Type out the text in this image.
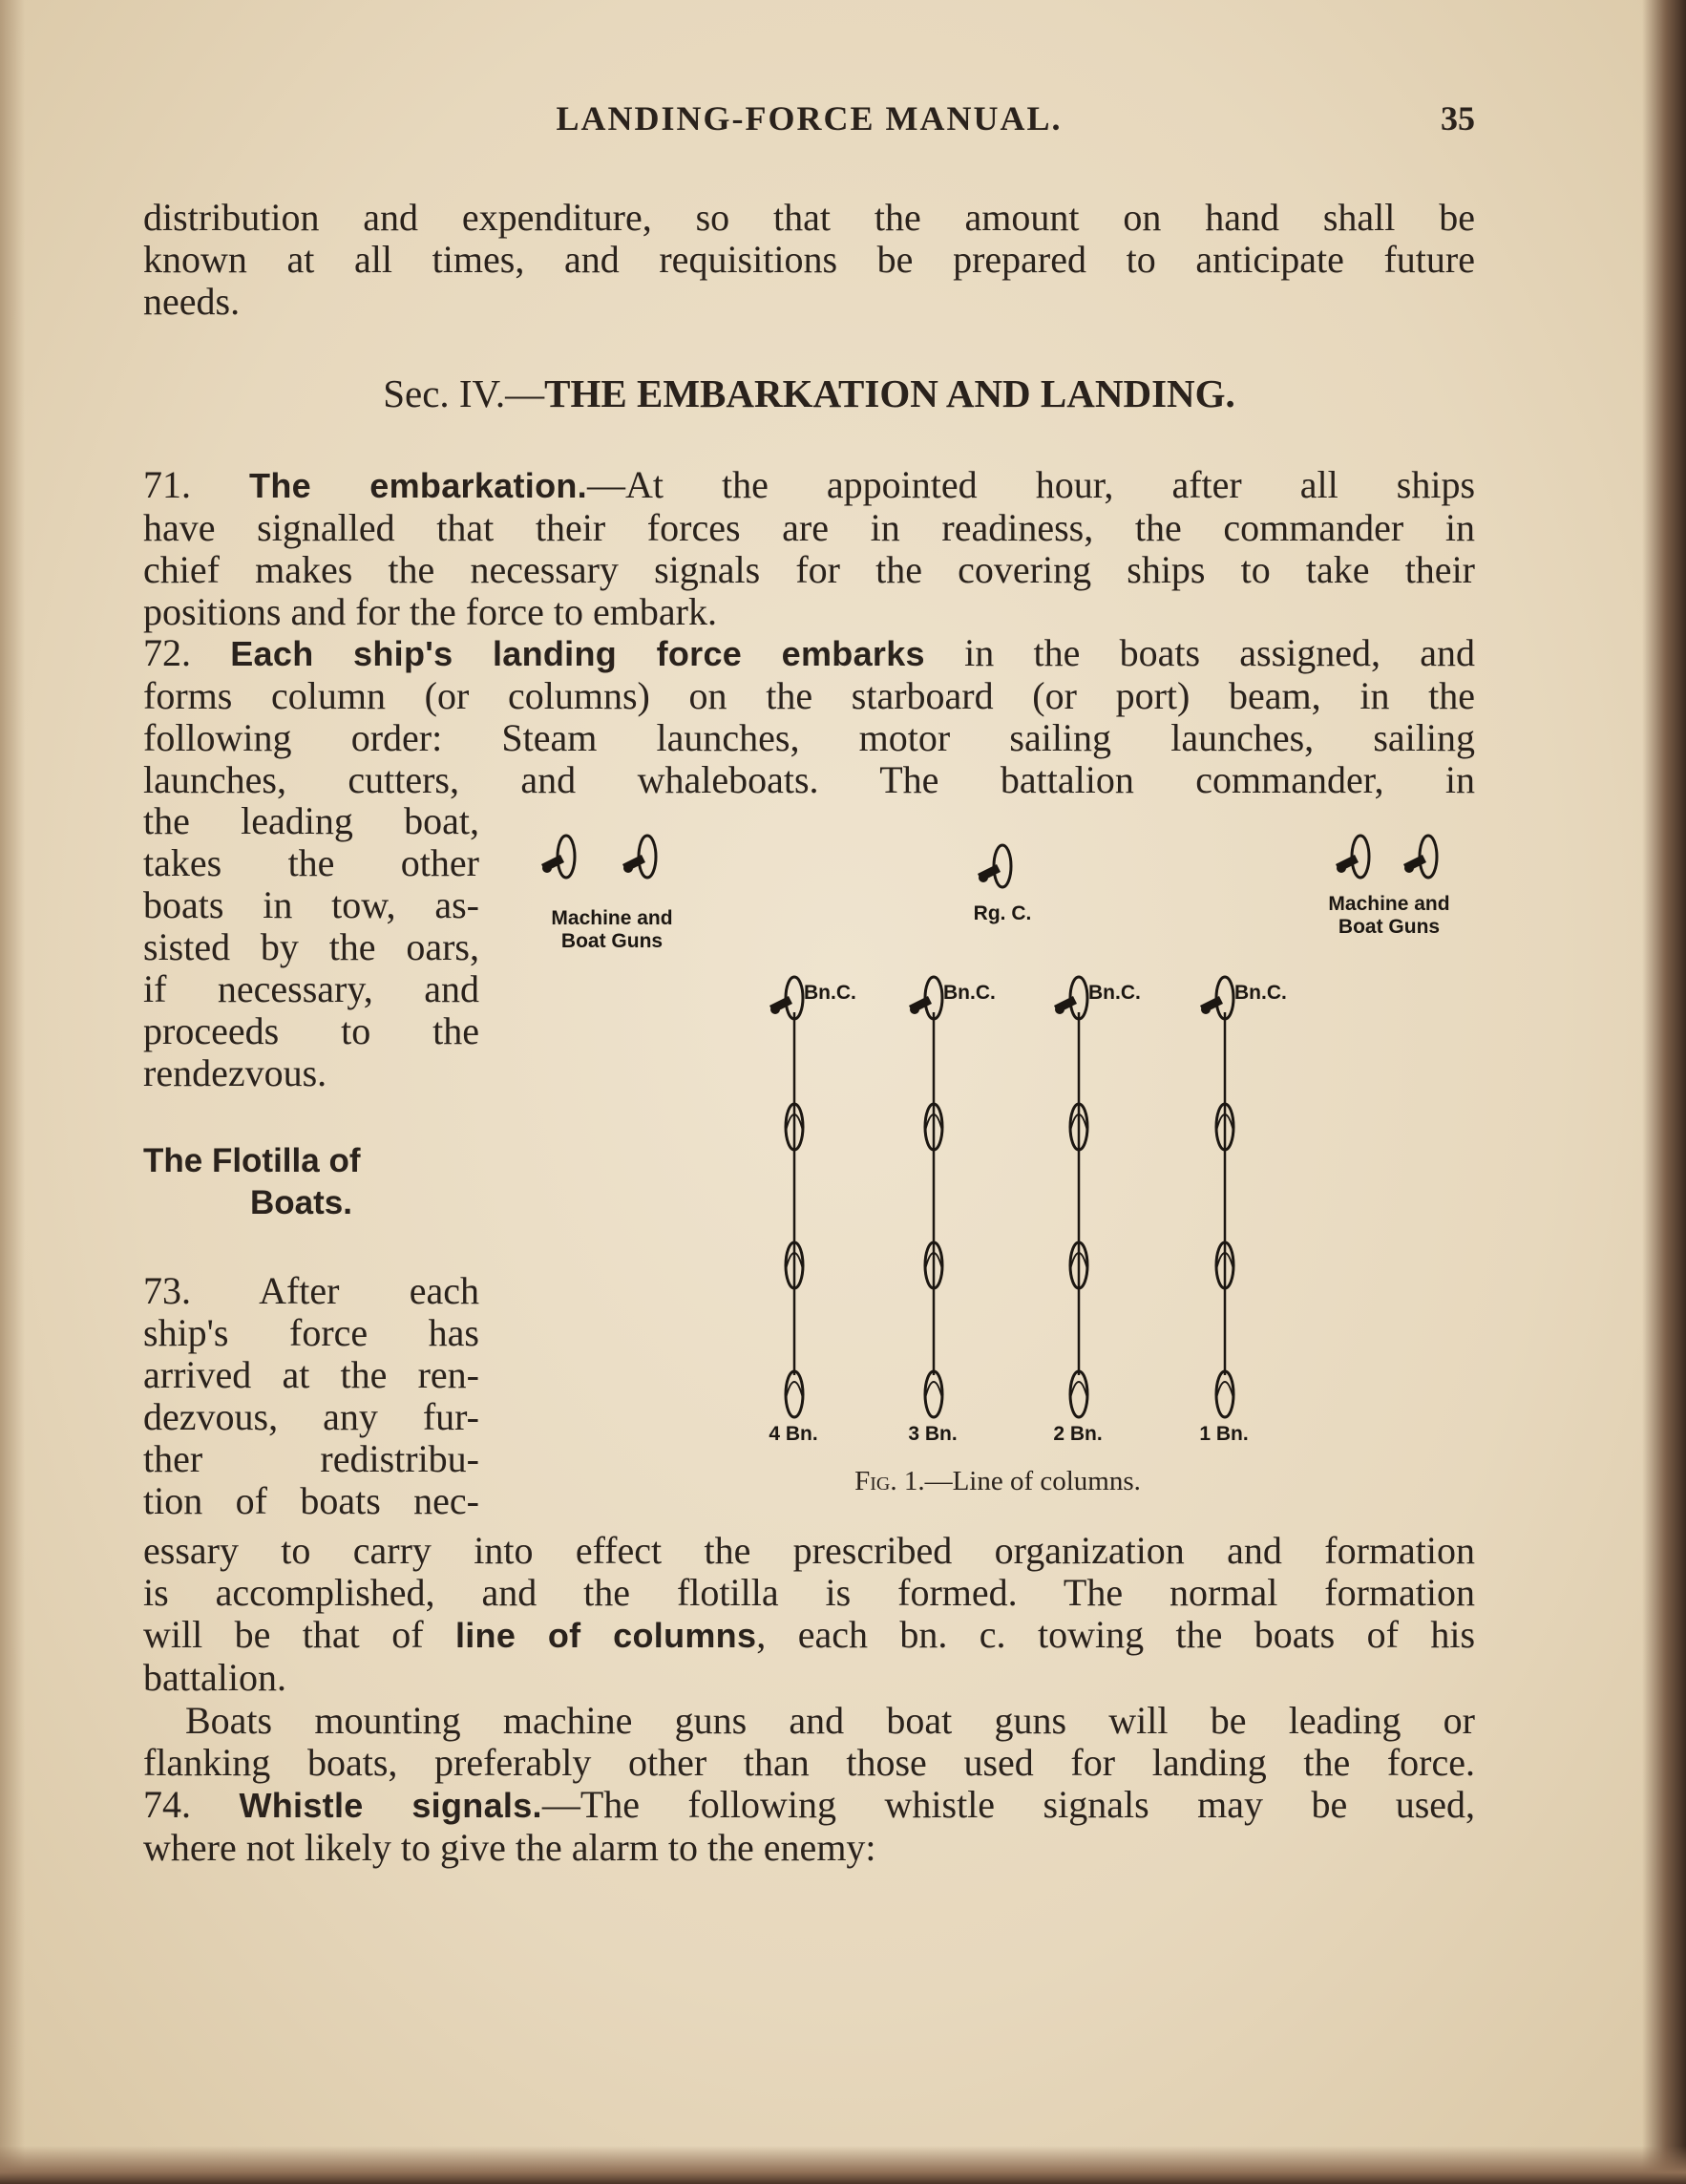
LANDING-FORCE MANUAL.	35
distribution and expenditure, so that the amount on hand shall be
known at all times, and requisitions be prepared to anticipate future
needs.
Sec. IV.—THE EMBARKATION AND LANDING.
71. The embarkation.—At the appointed hour, after all ships
have signalled that their forces are in readiness, the commander in
chief makes the necessary signals for the covering ships to take their
positions and for the force to embark.
72. Each ship's landing force embarks in the boats assigned, and
forms column (or columns) on the starboard (or port) beam, in the
following order: Steam launches, motor sailing launches, sailing
launches, cutters, and whaleboats. The battalion commander, in
the leading boat,
takes the other
boats in tow, as-
sisted by the oars,
if necessary, and
proceeds to the
rendezvous.
The Flotilla of
Boats.
73. After each
ship's force has
arrived at the ren-
dezvous, any fur-
ther redistribu-
tion of boats nec-
essary to carry into effect the prescribed organization and formation
is accomplished, and the flotilla is formed. The normal formation
will be that of line of columns, each bn. c. towing the boats of his
battalion.
Boats mounting machine guns and boat guns will be leading or
flanking boats, preferably other than those used for landing the force.
74. Whistle signals.—The following whistle signals may be used,
where not likely to give the alarm to the enemy:
Machine and
Boat Guns
Rg. C.	Machine and
Boat Guns
Bn.C.	Bn.C.	Bn.C.	Bn.C.
4 Bn.	3 Bn.	2 Bn.	1 Bn.
Fig. 1.—Line of columns.
